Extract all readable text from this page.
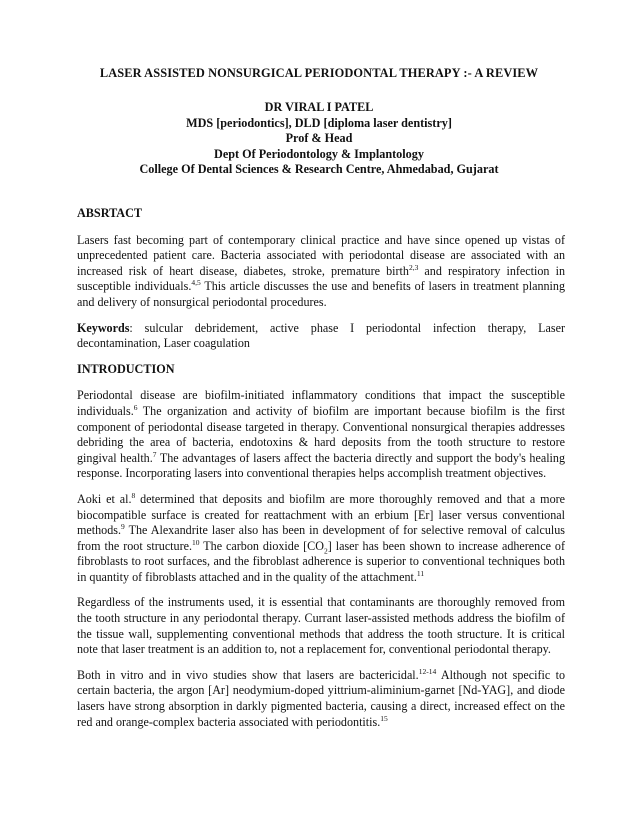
LASER ASSISTED NONSURGICAL PERIODONTAL THERAPY :- A REVIEW
DR VIRAL I PATEL
MDS [periodontics], DLD [diploma laser dentistry]
Prof & Head
Dept Of Periodontology & Implantology
College Of Dental Sciences & Research Centre, Ahmedabad, Gujarat
ABSRTACT

Lasers fast becoming part of contemporary clinical practice and have since opened up vistas of unprecedented patient care. Bacteria associated with periodontal disease are associated with an increased risk of heart disease, diabetes, stroke, premature birth$^{2,3}$ and respiratory infection in susceptible individuals.$^{4,5}$ This article discusses the use and benefits of lasers in treatment planning and delivery of nonsurgical periodontal procedures.

Keywords: sulcular debridement, active phase I periodontal infection therapy, Laser decontamination, Laser coagulation

INTRODUCTION

Periodontal disease are biofilm-initiated inflammatory conditions that impact the susceptible individuals.$^6$ The organization and activity of biofilm are important because biofilm is the first component of periodontal disease targeted in therapy. Conventional nonsurgical therapies addresses debriding the area of bacteria, endotoxins & hard deposits from the tooth structure to restore gingival health.$^7$ The advantages of lasers affect the bacteria directly and support the body's healing response. Incorporating lasers into conventional therapies helps accomplish treatment objectives.

Aoki et al.$^8$ determined that deposits and biofilm are more thoroughly removed and that a more biocompatible surface is created for reattachment with an erbium [Er] laser versus conventional methods.$^9$ The Alexandrite laser also has been in development of for selective removal of calculus from the root structure.$^{10}$ The carbon dioxide $[CO_2]$ laser has been shown to increase adherence of fibroblasts to root surfaces, and the fibroblast adherence is superior to conventional techniques both in quantity of fibroblasts attached and in the quality of the attachment.$^{11}$

Regardless of the instruments used, it is essential that contaminants are thoroughly removed from the tooth structure in any periodontal therapy. Currant laser-assisted methods address the biofilm of the tissue wall, supplementing conventional methods that address the tooth structure. It is critical note that laser treatment is an addition to, not a replacement for, conventional periodontal therapy.

Both in vitro and in vivo studies show that lasers are bactericidal.$^{12-14}$ Although not specific to certain bacteria, the argon [Ar] neodymium-doped yittrium-aliminium-garnet [Nd-YAG], and diode lasers have strong absorption in darkly pigmented bacteria, causing a direct, increased effect on the red and orange-complex bacteria associated with periodontitis.$^{15}$
